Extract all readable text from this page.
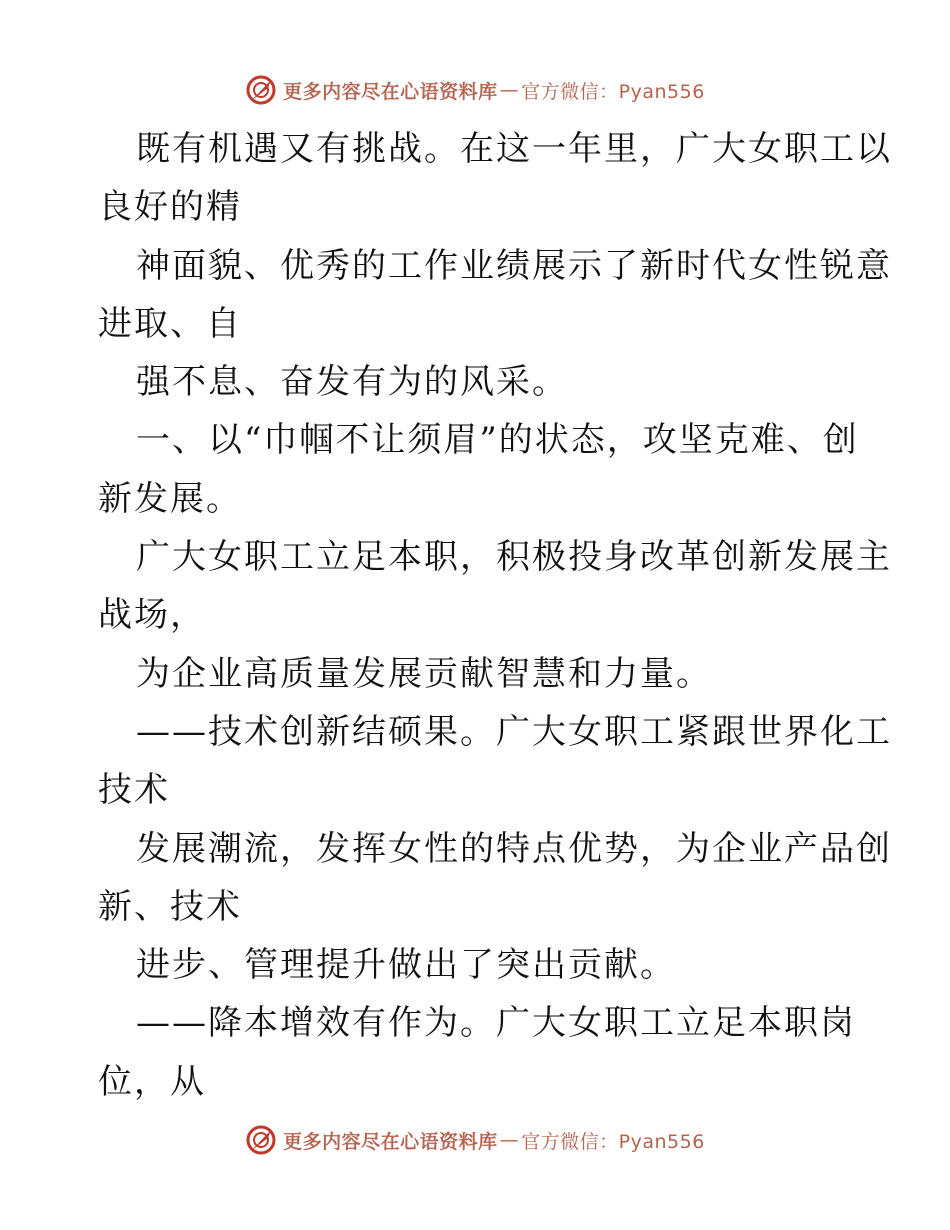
更多内容尽在心语资料库 — 官方微信：Pyan556
既有机遇又有挑战。在这一年里，广大女职工以
良好的精
神面貌、优秀的工作业绩展示了新时代女性锐意
进取、自
强不息、奋发有为的风采。
一、以“巾帼不让须眉”的状态，攻坚克难、创
新发展。
广大女职工立足本职，积极投身改革创新发展主
战场，
为企业高质量发展贡献智慧和力量。
——技术创新结硕果。广大女职工紧跟世界化工
技术
发展潮流，发挥女性的特点优势，为企业产品创
新、技术
进步、管理提升做出了突出贡献。
——降本增效有作为。广大女职工立足本职岗
位，从
更多内容尽在心语资料库 — 官方微信：Pyan556
